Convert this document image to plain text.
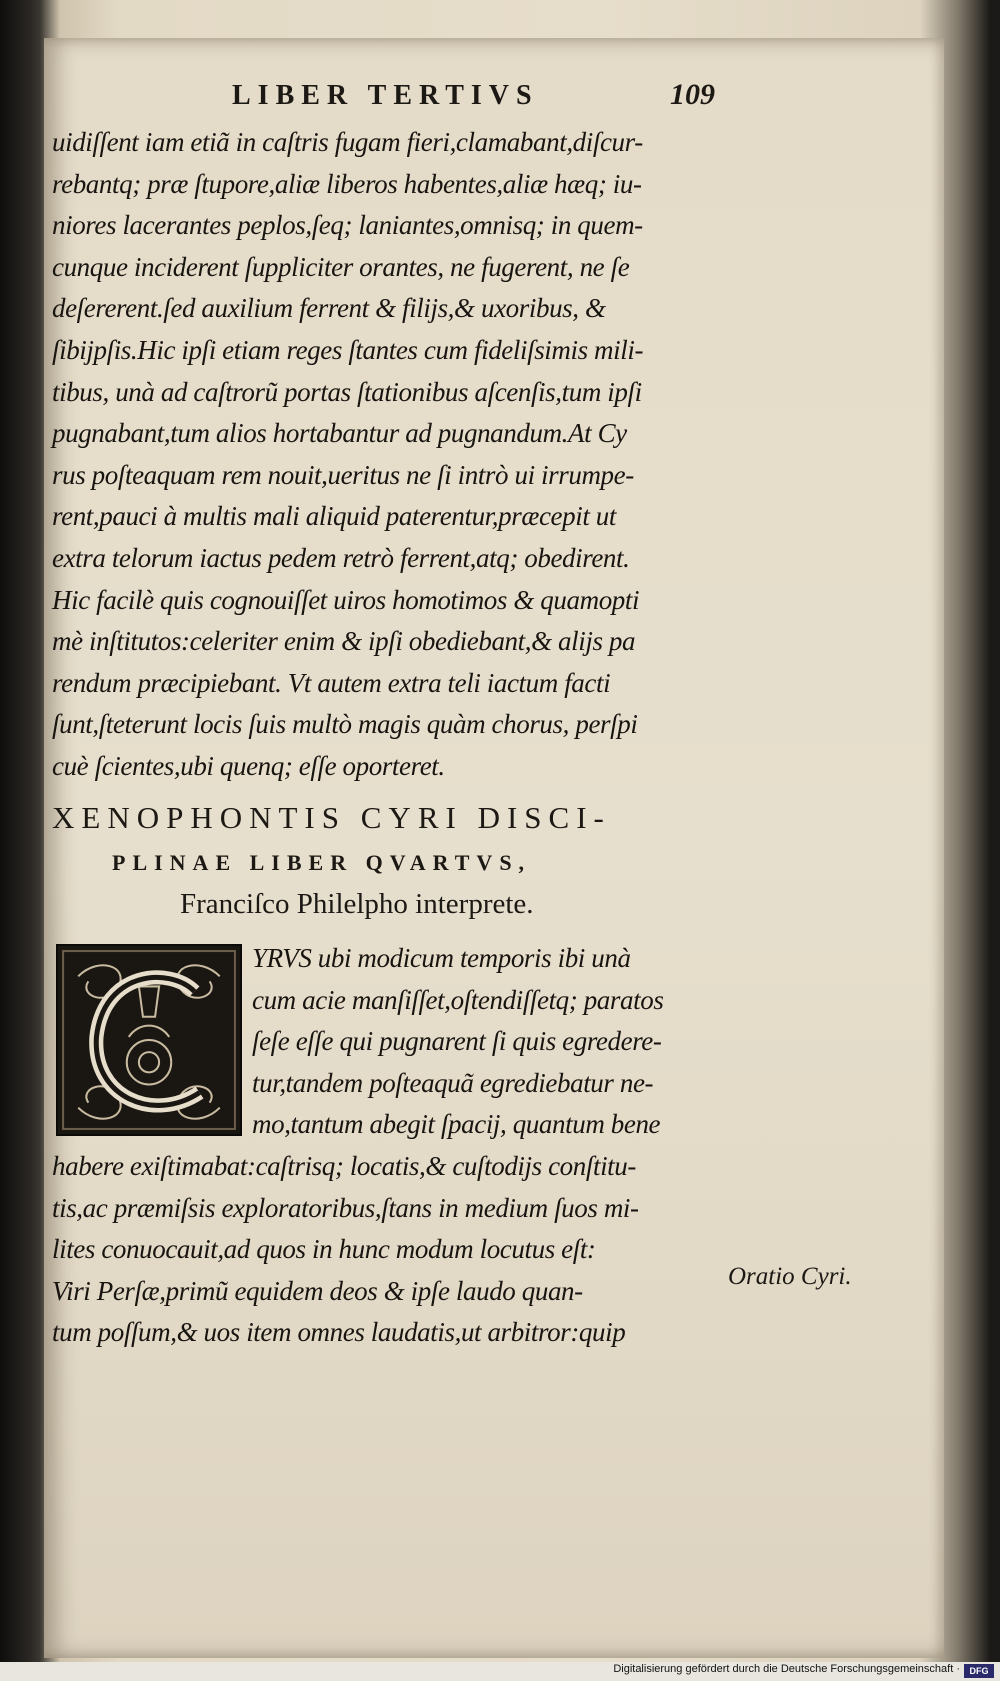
LIBER TERTIVS	109
uidiſſent iam etiã in caſtris fugam fieri,clamabant,diſcur-
rebantq; præ ſtupore,aliæ liberos habentes,aliæ hæq; iu-
niores lacerantes peplos,ſeq; laniantes,omnisq; in quem-
cunque inciderent ſuppliciter orantes, ne fugerent, ne ſe
deſererent.ſed auxilium ferrent & filijs,& uxoribus, &
ſibijpſis.Hic ipſi etiam reges ſtantes cum fideliſsimis mili-
tibus, unà ad caſtrorũ portas ſtationibus aſcenſis,tum ipſi
pugnabant,tum alios hortabantur ad pugnandum.At Cy
rus poſteaquam rem nouit,ueritus ne ſi intrò ui irrumpe-
rent,pauci à multis mali aliquid paterentur,præcepit ut
extra telorum iactus pedem retrò ferrent,atq; obedirent.
Hic facilè quis cognouiſſet uiros homotimos & quamopti
mè inſtitutos:celeriter enim & ipſi obediebant,& alijs pa
rendum præcipiebant. Vt autem extra teli iactum facti
ſunt,ſteterunt locis ſuis multò magis quàm chorus, perſpi
cuè ſcientes,ubi quenq; eſſe oporteret.
XENOPHONTIS CYRI DISCI-
PLINAE LIBER QVARTVS,
Franciſco Philelpho interprete.
YRVS ubi modicum temporis ibi unà
cum acie manſiſſet,oſtendiſſetq; paratos
ſeſe eſſe qui pugnarent ſi quis egredere-
tur,tandem poſteaquã egrediebatur ne-
mo,tantum abegit ſpacij, quantum bene
habere exiſtimabat:caſtrisq; locatis,& cuſtodijs conſtitu-
tis,ac præmiſsis exploratoribus,ſtans in medium ſuos mi-
lites conuocauit,ad quos in hunc modum locutus eſt:
Viri Perſæ,primũ equidem deos & ipſe laudo quan-
tum poſſum,& uos item omnes laudatis,ut arbitror:quip
Oratio Cyri.
Digitalisierung gefördert durch die Deutsche Forschungsgemeinschaft ·	DFG
